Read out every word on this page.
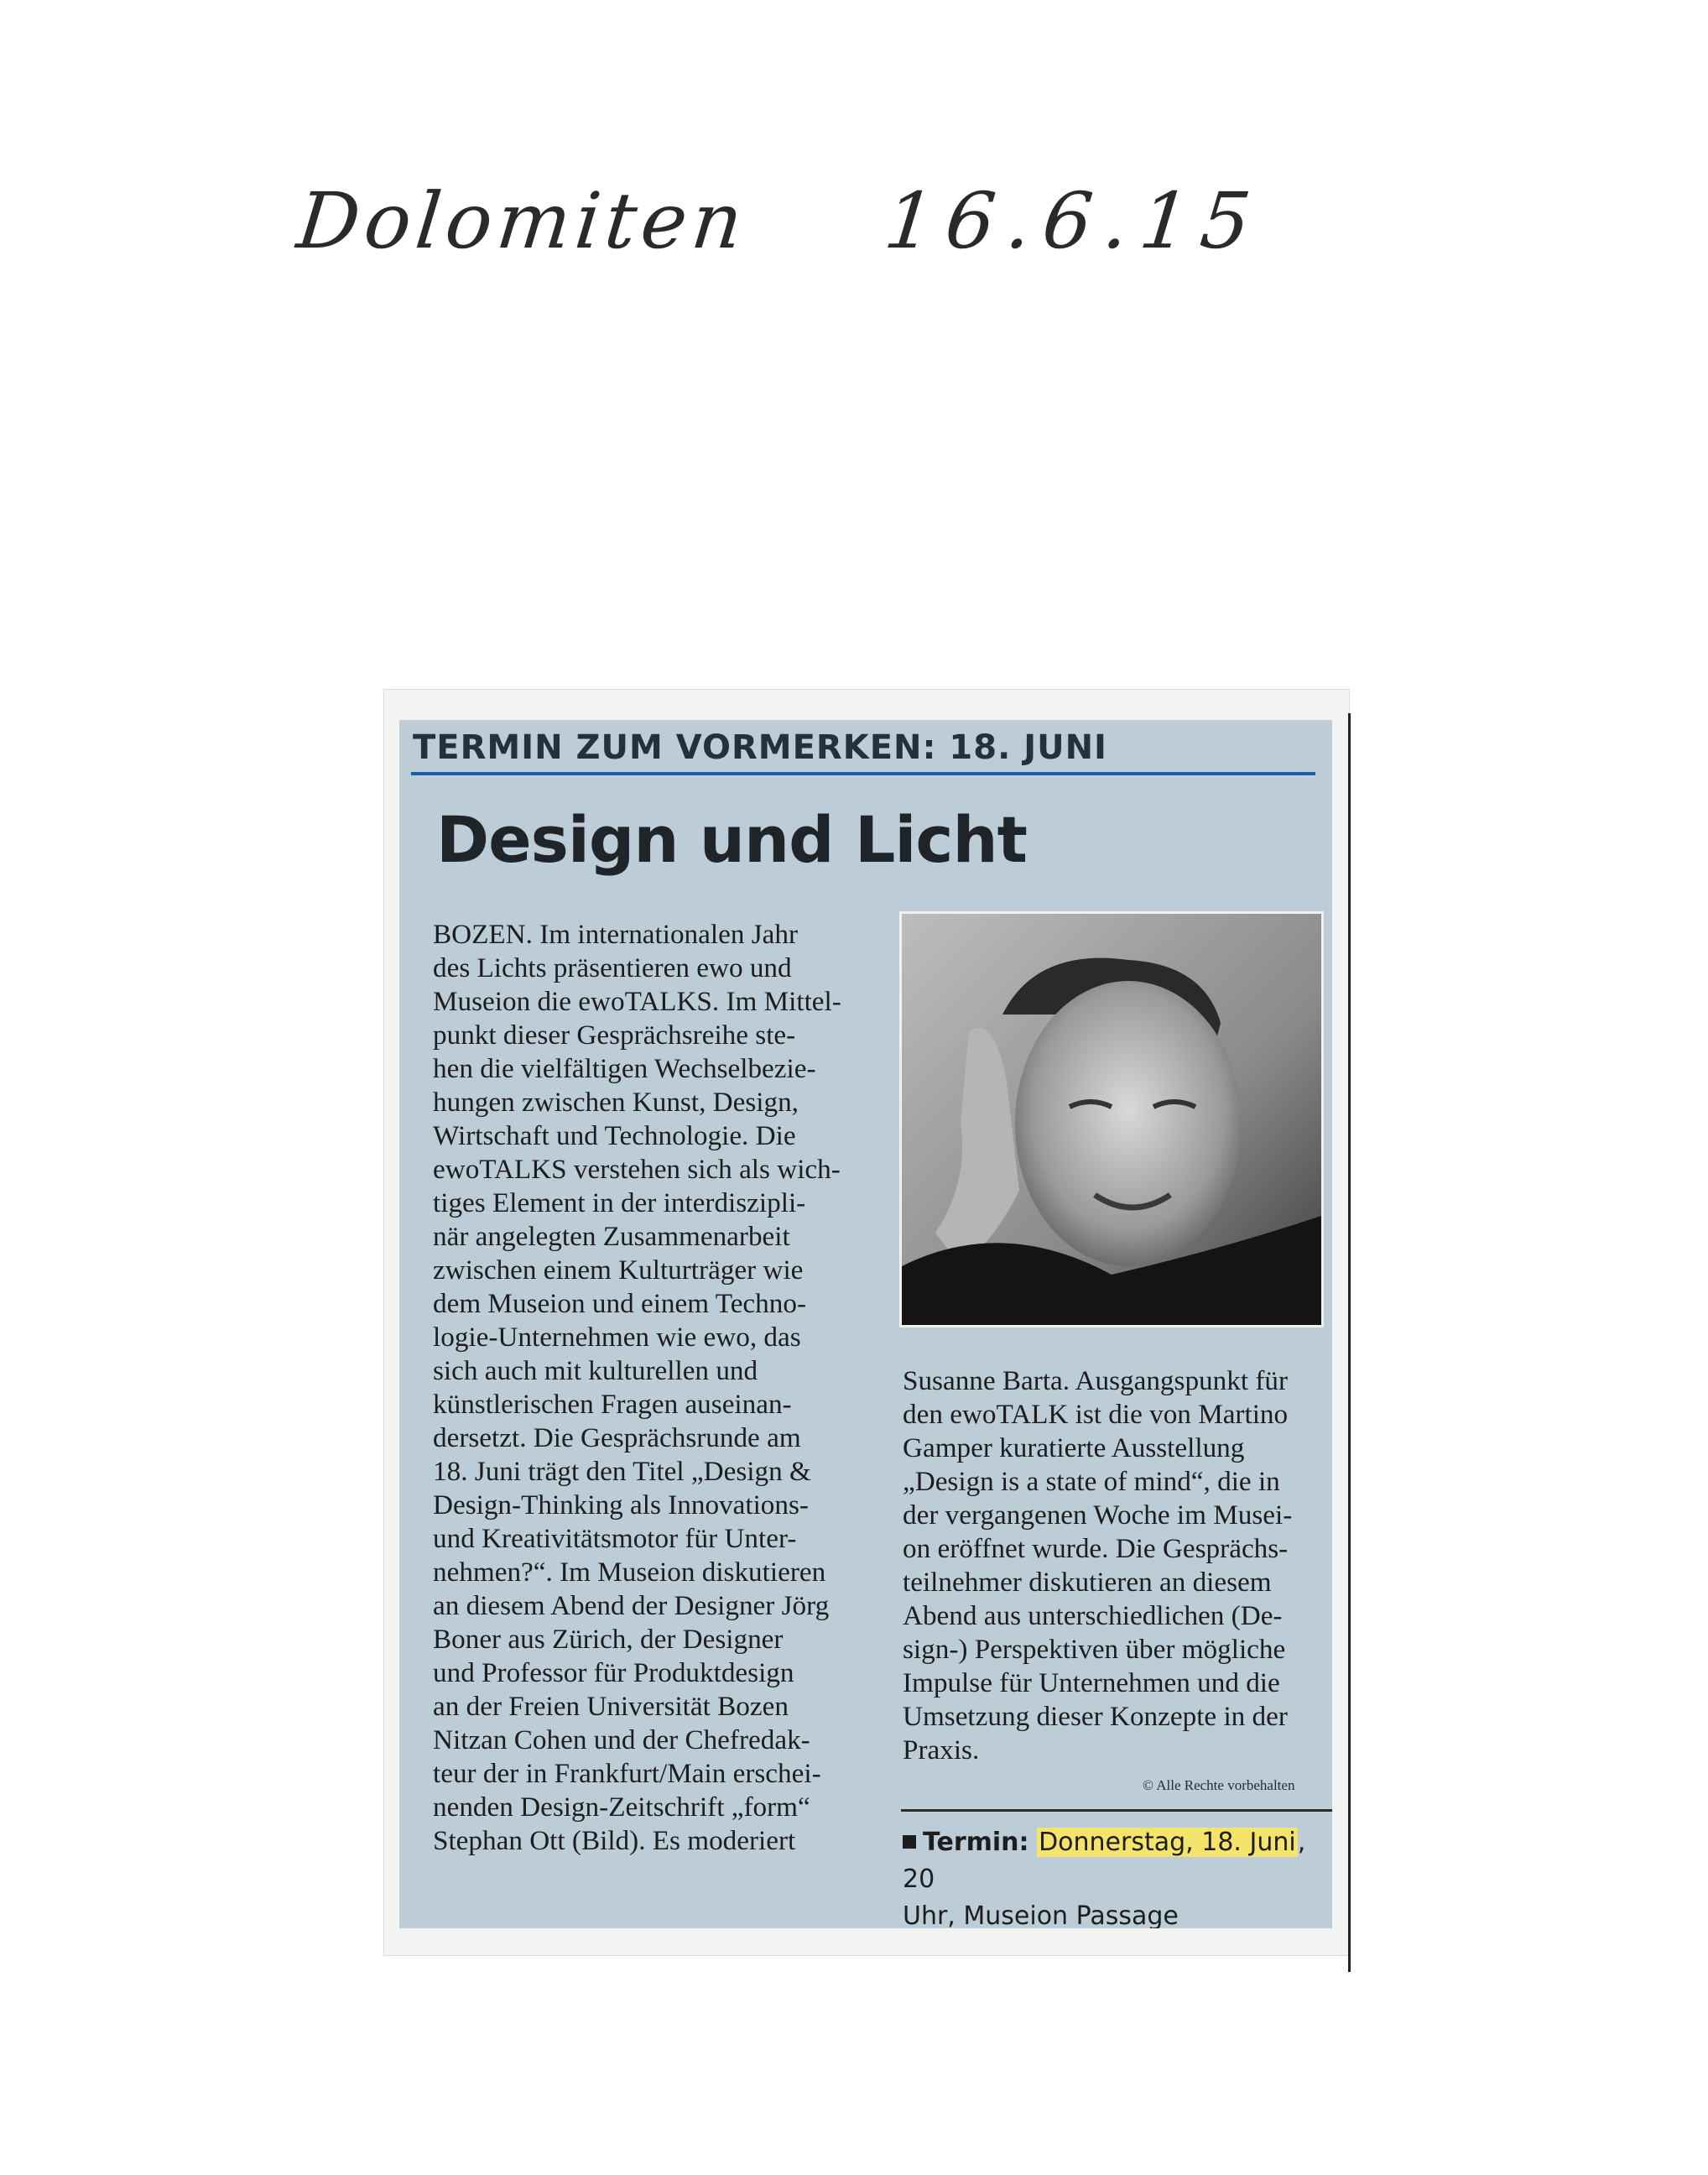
Dolomiten 16.6.15
TERMIN ZUM VORMERKEN: 18. JUNI
Design und Licht
BOZEN. Im internationalen Jahr
des Lichts präsentieren ewo und
Museion die ewoTALKS. Im Mittel-
punkt dieser Gesprächsreihe ste-
hen die vielfältigen Wechselbezie-
hungen zwischen Kunst, Design,
Wirtschaft und Technologie. Die
ewoTALKS verstehen sich als wich-
tiges Element in der interdiszipli-
när angelegten Zusammenarbeit
zwischen einem Kulturträger wie
dem Museion und einem Techno-
logie-Unternehmen wie ewo, das
sich auch mit kulturellen und
künstlerischen Fragen auseinan-
dersetzt. Die Gesprächsrunde am
18. Juni trägt den Titel „Design &
Design-Thinking als Innovations-
und Kreativitätsmotor für Unter-
nehmen?“. Im Museion diskutieren
an diesem Abend der Designer Jörg
Boner aus Zürich, der Designer
und Professor für Produktdesign
an der Freien Universität Bozen
Nitzan Cohen und der Chefredak-
teur der in Frankfurt/Main erschei-
nenden Design-Zeitschrift „form“
Stephan Ott (Bild). Es moderiert
Susanne Barta. Ausgangspunkt für
den ewoTALK ist die von Martino
Gamper kuratierte Ausstellung
„Design is a state of mind“, die in
der vergangenen Woche im Musei-
on eröffnet wurde. Die Gesprächs-
teilnehmer diskutieren an diesem
Abend aus unterschiedlichen (De-
sign-) Perspektiven über mögliche
Impulse für Unternehmen und die
Umsetzung dieser Konzepte in der
Praxis.
© Alle Rechte vorbehalten
Termin: Donnerstag, 18. Juni, 20
Uhr, Museion Passage
